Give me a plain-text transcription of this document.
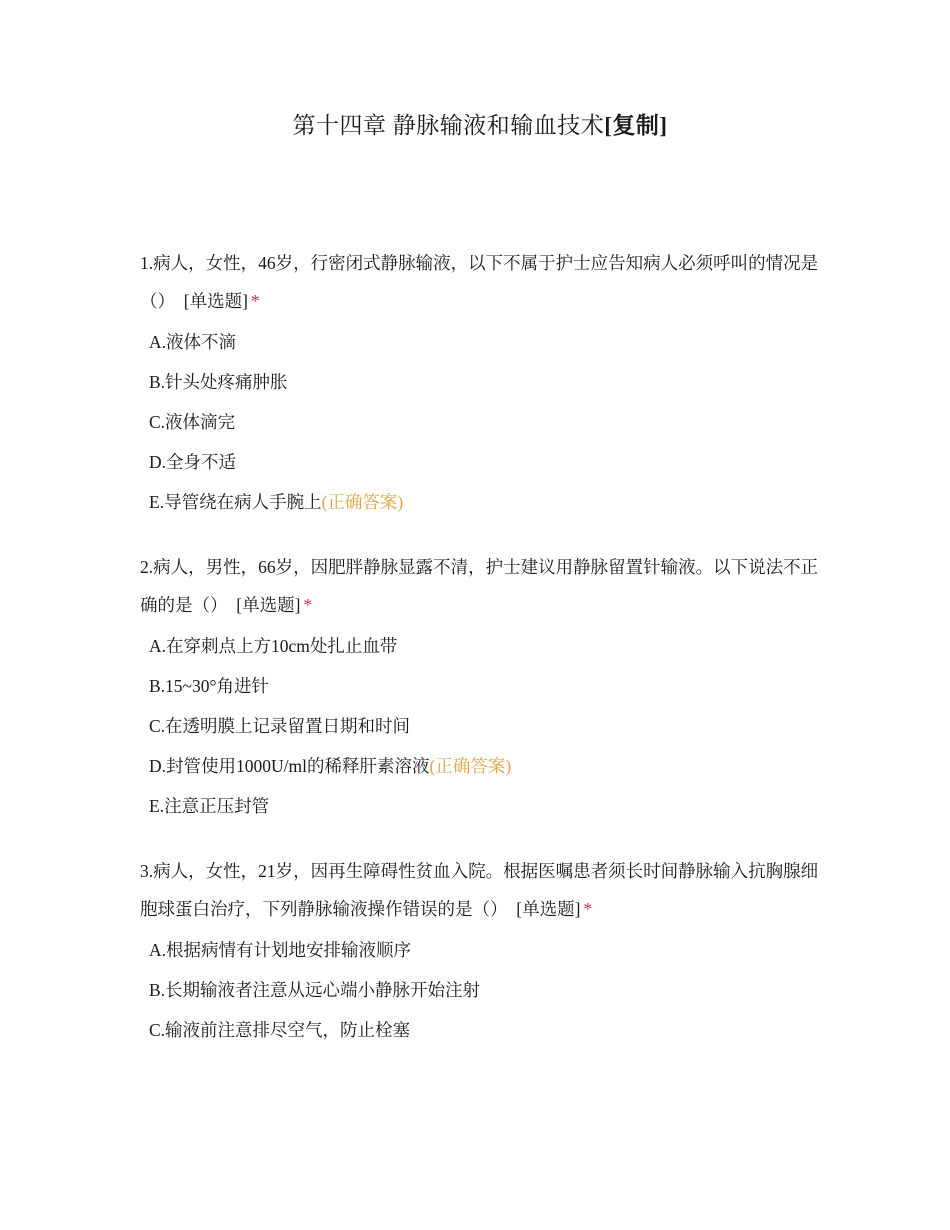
第十四章 静脉输液和输血技术[复制]
1.病人，女性，46岁，行密闭式静脉输液，以下不属于护士应告知病人必须呼叫的情况是（） [单选题] *
A.液体不滴
B.针头处疼痛肿胀
C.液体滴完
D.全身不适
E.导管绕在病人手腕上(正确答案)
2.病人，男性，66岁，因肥胖静脉显露不清，护士建议用静脉留置针输液。以下说法不正确的是（） [单选题] *
A.在穿刺点上方10cm处扎止血带
B.15~30°角进针
C.在透明膜上记录留置日期和时间
D.封管使用1000U/ml的稀释肝素溶液(正确答案)
E.注意正压封管
3.病人，女性，21岁，因再生障碍性贫血入院。根据医嘱患者须长时间静脉输入抗胸腺细胞球蛋白治疗，下列静脉输液操作错误的是（） [单选题] *
A.根据病情有计划地安排输液顺序
B.长期输液者注意从远心端小静脉开始注射
C.输液前注意排尽空气，防止栓塞
